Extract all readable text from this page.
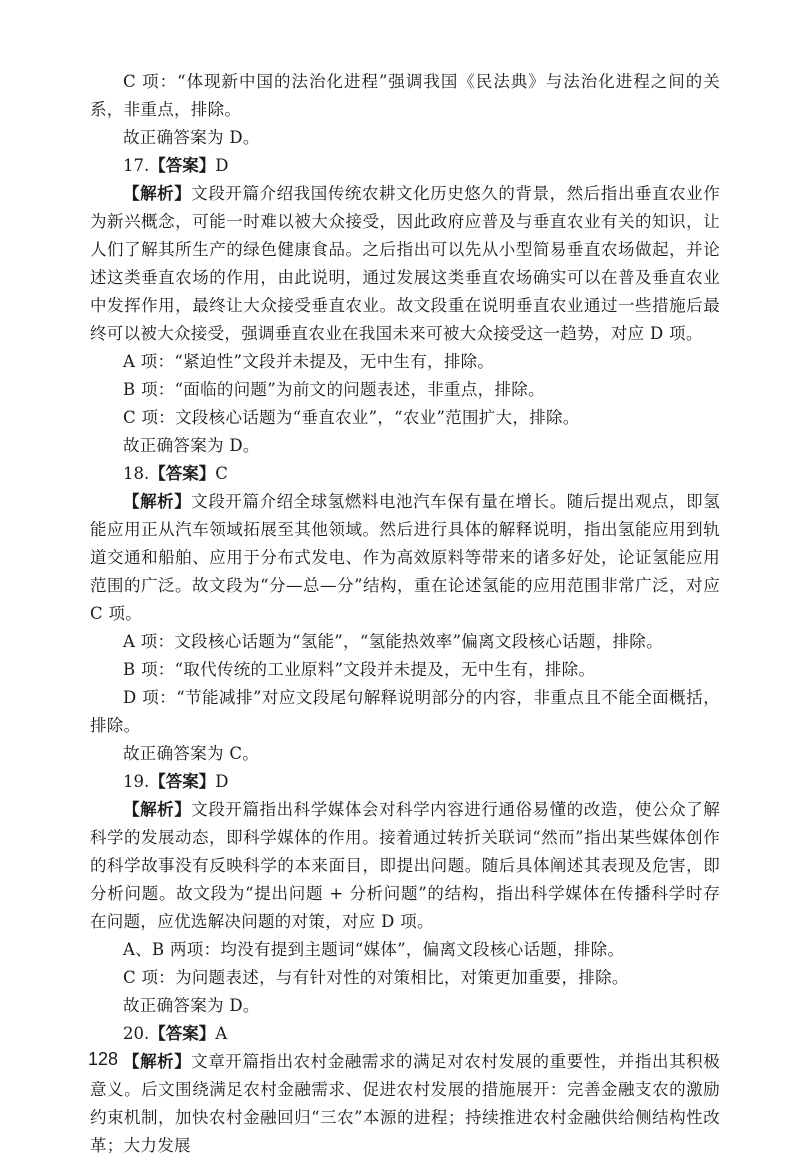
C 项：“体现新中国的法治化进程”强调我国《民法典》与法治化进程之间的关系，非重点，排除。

故正确答案为 D。

17.【答案】D

【解析】文段开篇介绍我国传统农耕文化历史悠久的背景，然后指出垂直农业作为新兴概念，可能一时难以被大众接受，因此政府应普及与垂直农业有关的知识，让人们了解其所生产的绿色健康食品。之后指出可以先从小型简易垂直农场做起，并论述这类垂直农场的作用，由此说明，通过发展这类垂直农场确实可以在普及垂直农业中发挥作用，最终让大众接受垂直农业。故文段重在说明垂直农业通过一些措施后最终可以被大众接受，强调垂直农业在我国未来可被大众接受这一趋势，对应 D 项。

A 项：“紧迫性”文段并未提及，无中生有，排除。

B 项：“面临的问题”为前文的问题表述，非重点，排除。

C 项：文段核心话题为“垂直农业”，“农业”范围扩大，排除。

故正确答案为 D。

18.【答案】C

【解析】文段开篇介绍全球氢燃料电池汽车保有量在增长。随后提出观点，即氢能应用正从汽车领域拓展至其他领域。然后进行具体的解释说明，指出氢能应用到轨道交通和船舶、应用于分布式发电、作为高效原料等带来的诸多好处，论证氢能应用范围的广泛。故文段为“分—总—分”结构，重在论述氢能的应用范围非常广泛，对应 C 项。

A 项：文段核心话题为“氢能”，“氢能热效率”偏离文段核心话题，排除。

B 项：“取代传统的工业原料”文段并未提及，无中生有，排除。

D 项：“节能减排”对应文段尾句解释说明部分的内容，非重点且不能全面概括，排除。

故正确答案为 C。

19.【答案】D

【解析】文段开篇指出科学媒体会对科学内容进行通俗易懂的改造，使公众了解科学的发展动态，即科学媒体的作用。接着通过转折关联词“然而”指出某些媒体创作的科学故事没有反映科学的本来面目，即提出问题。随后具体阐述其表现及危害，即分析问题。故文段为“提出问题 + 分析问题”的结构，指出科学媒体在传播科学时存在问题，应优选解决问题的对策，对应 D 项。

A、B 两项：均没有提到主题词“媒体”，偏离文段核心话题，排除。

C 项：为问题表述，与有针对性的对策相比，对策更加重要，排除。

故正确答案为 D。

20.【答案】A

【解析】文章开篇指出农村金融需求的满足对农村发展的重要性，并指出其积极意义。后文围绕满足农村金融需求、促进农村发展的措施展开：完善金融支农的激励约束机制，加快农村金融回归“三农”本源的进程；持续推进农村金融供给侧结构性改革；大力发展

128
